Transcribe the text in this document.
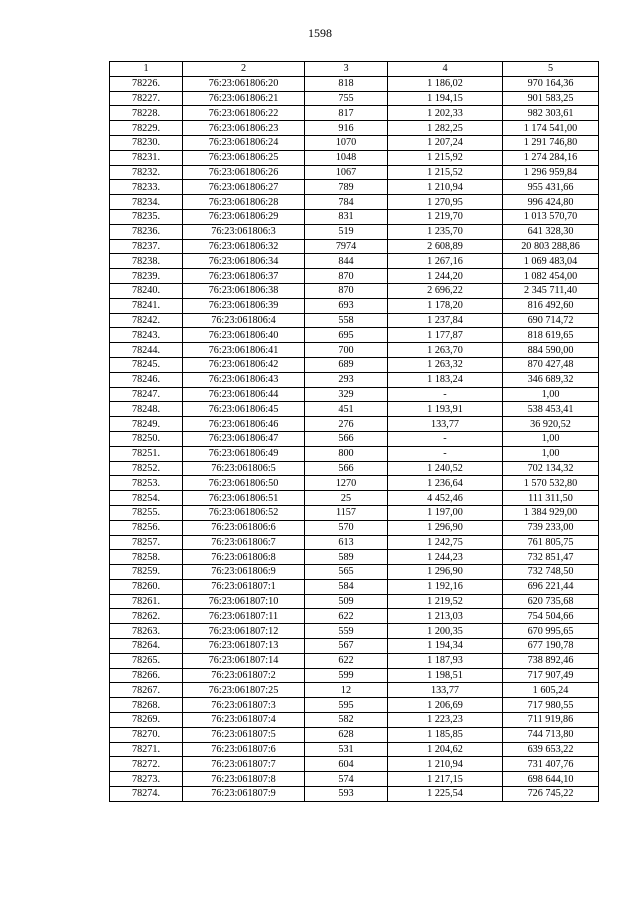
1598
1	2	3	4	5
78226.	76:23:061806:20	818	1 186,02	970 164,36
78227.	76:23:061806:21	755	1 194,15	901 583,25
78228.	76:23:061806:22	817	1 202,33	982 303,61
78229.	76:23:061806:23	916	1 282,25	1 174 541,00
78230.	76:23:061806:24	1070	1 207,24	1 291 746,80
78231.	76:23:061806:25	1048	1 215,92	1 274 284,16
78232.	76:23:061806:26	1067	1 215,52	1 296 959,84
78233.	76:23:061806:27	789	1 210,94	955 431,66
78234.	76:23:061806:28	784	1 270,95	996 424,80
78235.	76:23:061806:29	831	1 219,70	1 013 570,70
78236.	76:23:061806:3	519	1 235,70	641 328,30
78237.	76:23:061806:32	7974	2 608,89	20 803 288,86
78238.	76:23:061806:34	844	1 267,16	1 069 483,04
78239.	76:23:061806:37	870	1 244,20	1 082 454,00
78240.	76:23:061806:38	870	2 696,22	2 345 711,40
78241.	76:23:061806:39	693	1 178,20	816 492,60
78242.	76:23:061806:4	558	1 237,84	690 714,72
78243.	76:23:061806:40	695	1 177,87	818 619,65
78244.	76:23:061806:41	700	1 263,70	884 590,00
78245.	76:23:061806:42	689	1 263,32	870 427,48
78246.	76:23:061806:43	293	1 183,24	346 689,32
78247.	76:23:061806:44	329	-	1,00
78248.	76:23:061806:45	451	1 193,91	538 453,41
78249.	76:23:061806:46	276	133,77	36 920,52
78250.	76:23:061806:47	566	-	1,00
78251.	76:23:061806:49	800	-	1,00
78252.	76:23:061806:5	566	1 240,52	702 134,32
78253.	76:23:061806:50	1270	1 236,64	1 570 532,80
78254.	76:23:061806:51	25	4 452,46	111 311,50
78255.	76:23:061806:52	1157	1 197,00	1 384 929,00
78256.	76:23:061806:6	570	1 296,90	739 233,00
78257.	76:23:061806:7	613	1 242,75	761 805,75
78258.	76:23:061806:8	589	1 244,23	732 851,47
78259.	76:23:061806:9	565	1 296,90	732 748,50
78260.	76:23:061807:1	584	1 192,16	696 221,44
78261.	76:23:061807:10	509	1 219,52	620 735,68
78262.	76:23:061807:11	622	1 213,03	754 504,66
78263.	76:23:061807:12	559	1 200,35	670 995,65
78264.	76:23:061807:13	567	1 194,34	677 190,78
78265.	76:23:061807:14	622	1 187,93	738 892,46
78266.	76:23:061807:2	599	1 198,51	717 907,49
78267.	76:23:061807:25	12	133,77	1 605,24
78268.	76:23:061807:3	595	1 206,69	717 980,55
78269.	76:23:061807:4	582	1 223,23	711 919,86
78270.	76:23:061807:5	628	1 185,85	744 713,80
78271.	76:23:061807:6	531	1 204,62	639 653,22
78272.	76:23:061807:7	604	1 210,94	731 407,76
78273.	76:23:061807:8	574	1 217,15	698 644,10
78274.	76:23:061807:9	593	1 225,54	726 745,22
